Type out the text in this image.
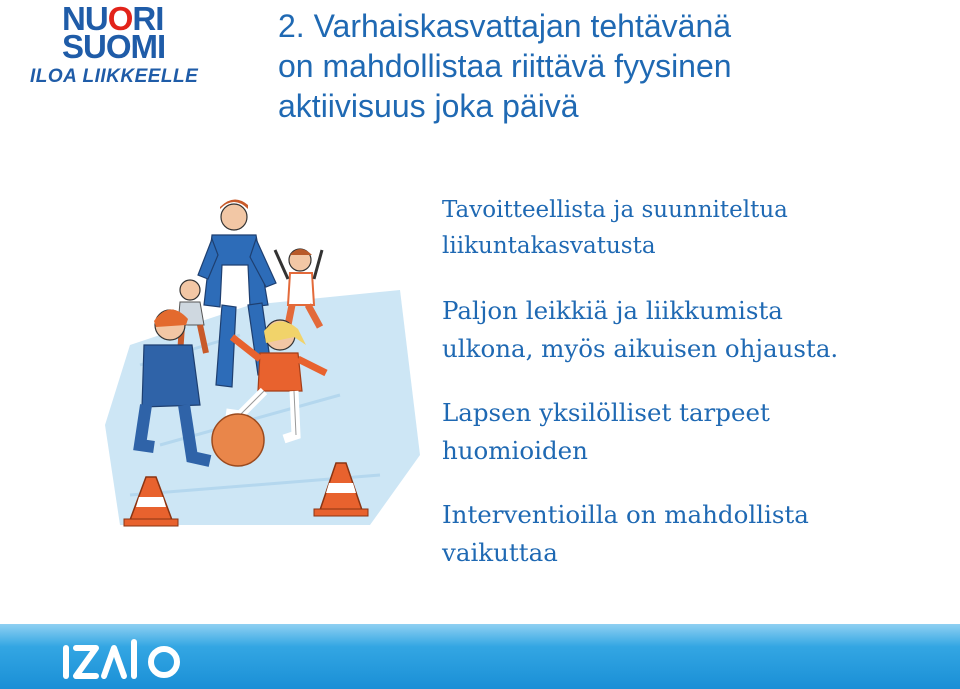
NUORI
SUOMI
ILOA LIIKKEELLE
2. Varhaiskasvattajan tehtävänä
on mahdollistaa riittävä fyysinen
aktiivisuus joka päivä
Tavoitteellista ja suunniteltua
liikuntakasvatusta
Paljon leikkiä ja liikkumista
ulkona, myös aikuisen ohjausta.
Lapsen yksilölliset tarpeet
huomioiden
Interventioilla on mahdollista
vaikuttaa
